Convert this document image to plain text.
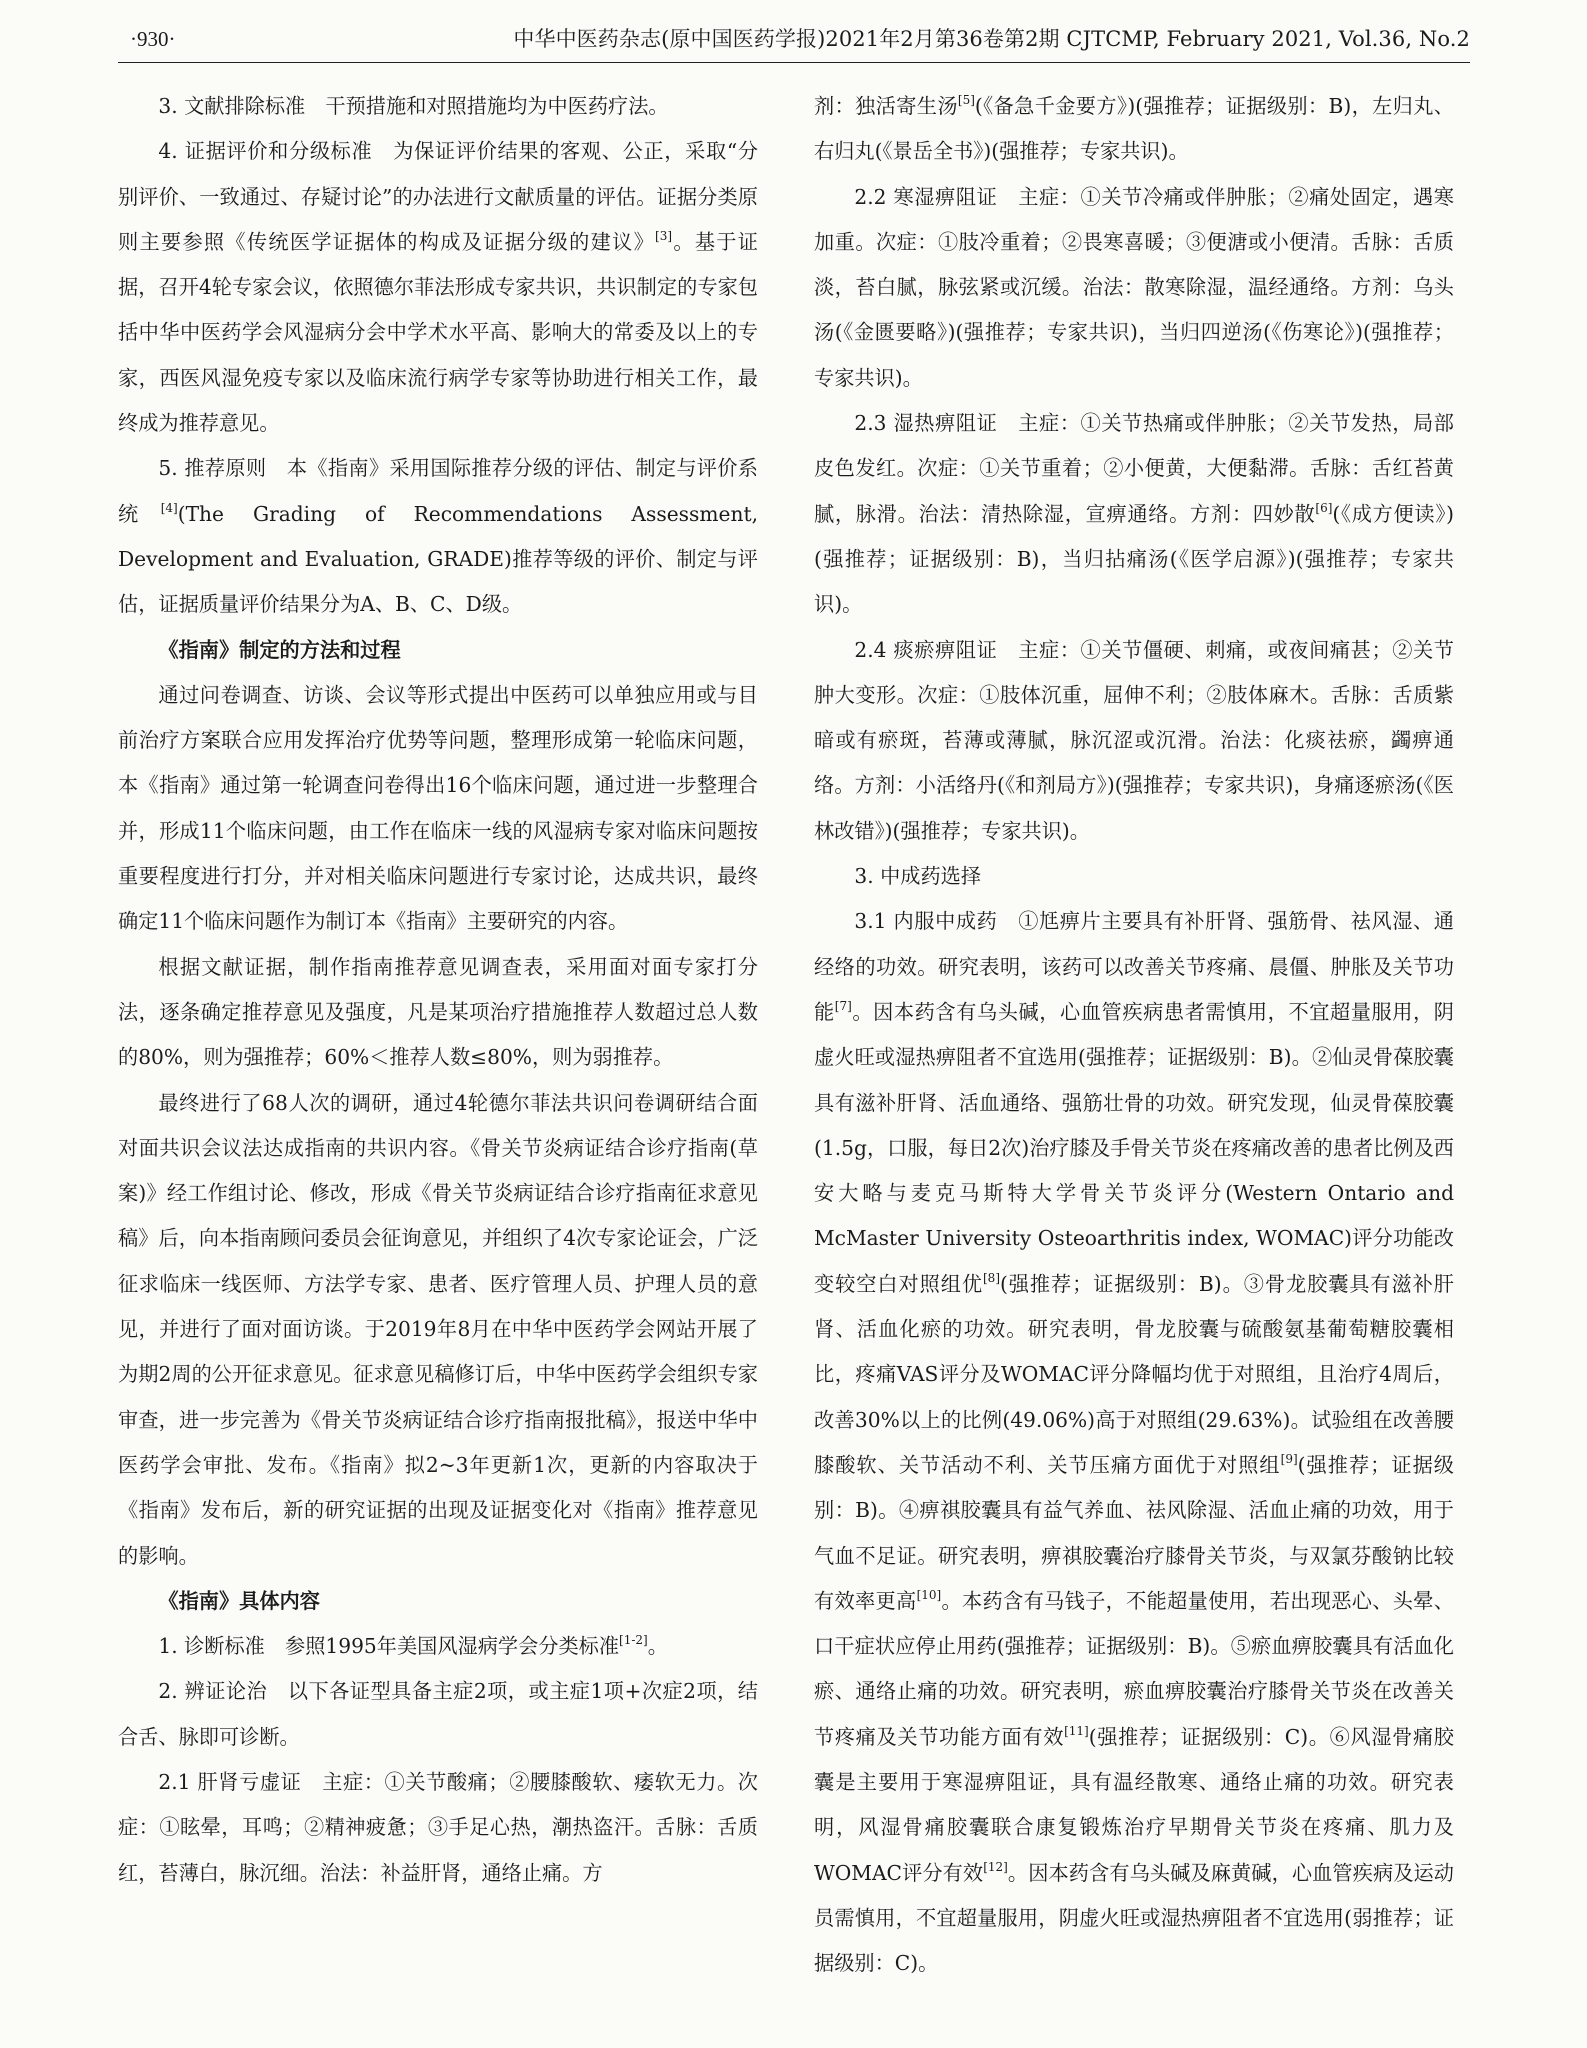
·930·	中华中医药杂志(原中国医药学报)2021年2月第36卷第2期 CJTCMP, February 2021, Vol.36, No.2

3. 文献排除标准　干预措施和对照措施均为中医药疗法。

4. 证据评价和分级标准　为保证评价结果的客观、公正，采取“分别评价、一致通过、存疑讨论”的办法进行文献质量的评估。证据分类原则主要参照《传统医学证据体的构成及证据分级的建议》[3]。基于证据，召开4轮专家会议，依照德尔菲法形成专家共识，共识制定的专家包括中华中医药学会风湿病分会中学术水平高、影响大的常委及以上的专家，西医风湿免疫专家以及临床流行病学专家等协助进行相关工作，最终成为推荐意见。

5. 推荐原则　本《指南》采用国际推荐分级的评估、制定与评价系统[4](The Grading of Recommendations Assessment, Development and Evaluation, GRADE)推荐等级的评价、制定与评估，证据质量评价结果分为A、B、C、D级。

《指南》制定的方法和过程

通过问卷调查、访谈、会议等形式提出中医药可以单独应用或与目前治疗方案联合应用发挥治疗优势等问题，整理形成第一轮临床问题，本《指南》通过第一轮调查问卷得出16个临床问题，通过进一步整理合并，形成11个临床问题，由工作在临床一线的风湿病专家对临床问题按重要程度进行打分，并对相关临床问题进行专家讨论，达成共识，最终确定11个临床问题作为制订本《指南》主要研究的内容。

根据文献证据，制作指南推荐意见调查表，采用面对面专家打分法，逐条确定推荐意见及强度，凡是某项治疗措施推荐人数超过总人数的80%，则为强推荐；60%＜推荐人数≤80%，则为弱推荐。

最终进行了68人次的调研，通过4轮德尔菲法共识问卷调研结合面对面共识会议法达成指南的共识内容。《骨关节炎病证结合诊疗指南(草案)》经工作组讨论、修改，形成《骨关节炎病证结合诊疗指南征求意见稿》后，向本指南顾问委员会征询意见，并组织了4次专家论证会，广泛征求临床一线医师、方法学专家、患者、医疗管理人员、护理人员的意见，并进行了面对面访谈。于2019年8月在中华中医药学会网站开展了为期2周的公开征求意见。征求意见稿修订后，中华中医药学会组织专家审查，进一步完善为《骨关节炎病证结合诊疗指南报批稿》，报送中华中医药学会审批、发布。《指南》拟2~3年更新1次，更新的内容取决于《指南》发布后，新的研究证据的出现及证据变化对《指南》推荐意见的影响。

《指南》具体内容

1. 诊断标准　参照1995年美国风湿病学会分类标准[1-2]。

2. 辨证论治　以下各证型具备主症2项，或主症1项+次症2项，结合舌、脉即可诊断。

2.1 肝肾亏虚证　主症：①关节酸痛；②腰膝酸软、痿软无力。次症：①眩晕，耳鸣；②精神疲惫；③手足心热，潮热盗汗。舌脉：舌质红，苔薄白，脉沉细。治法：补益肝肾，通络止痛。方

剂：独活寄生汤[5](《备急千金要方》)(强推荐；证据级别：B)，左归丸、右归丸(《景岳全书》)(强推荐；专家共识)。

2.2 寒湿痹阻证　主症：①关节冷痛或伴肿胀；②痛处固定，遇寒加重。次症：①肢冷重着；②畏寒喜暖；③便溏或小便清。舌脉：舌质淡，苔白腻，脉弦紧或沉缓。治法：散寒除湿，温经通络。方剂：乌头汤(《金匮要略》)(强推荐；专家共识)，当归四逆汤(《伤寒论》)(强推荐；专家共识)。

2.3 湿热痹阻证　主症：①关节热痛或伴肿胀；②关节发热，局部皮色发红。次症：①关节重着；②小便黄，大便黏滞。舌脉：舌红苔黄腻，脉滑。治法：清热除湿，宣痹通络。方剂：四妙散[6](《成方便读》)(强推荐；证据级别：B)，当归拈痛汤(《医学启源》)(强推荐；专家共识)。

2.4 痰瘀痹阻证　主症：①关节僵硬、刺痛，或夜间痛甚；②关节肿大变形。次症：①肢体沉重，屈伸不利；②肢体麻木。舌脉：舌质紫暗或有瘀斑，苔薄或薄腻，脉沉涩或沉滑。治法：化痰祛瘀，蠲痹通络。方剂：小活络丹(《和剂局方》)(强推荐；专家共识)，身痛逐瘀汤(《医林改错》)(强推荐；专家共识)。

3. 中成药选择

3.1 内服中成药　①尪痹片主要具有补肝肾、强筋骨、祛风湿、通经络的功效。研究表明，该药可以改善关节疼痛、晨僵、肿胀及关节功能[7]。因本药含有乌头碱，心血管疾病患者需慎用，不宜超量服用，阴虚火旺或湿热痹阻者不宜选用(强推荐；证据级别：B)。②仙灵骨葆胶囊具有滋补肝肾、活血通络、强筋壮骨的功效。研究发现，仙灵骨葆胶囊(1.5g，口服，每日2次)治疗膝及手骨关节炎在疼痛改善的患者比例及西安大略与麦克马斯特大学骨关节炎评分(Western Ontario and McMaster University Osteoarthritis index, WOMAC)评分功能改变较空白对照组优[8](强推荐；证据级别：B)。③骨龙胶囊具有滋补肝肾、活血化瘀的功效。研究表明，骨龙胶囊与硫酸氨基葡萄糖胶囊相比，疼痛VAS评分及WOMAC评分降幅均优于对照组，且治疗4周后，改善30%以上的比例(49.06%)高于对照组(29.63%)。试验组在改善腰膝酸软、关节活动不利、关节压痛方面优于对照组[9](强推荐；证据级别：B)。④痹祺胶囊具有益气养血、祛风除湿、活血止痛的功效，用于气血不足证。研究表明，痹祺胶囊治疗膝骨关节炎，与双氯芬酸钠比较有效率更高[10]。本药含有马钱子，不能超量使用，若出现恶心、头晕、口干症状应停止用药(强推荐；证据级别：B)。⑤瘀血痹胶囊具有活血化瘀、通络止痛的功效。研究表明，瘀血痹胶囊治疗膝骨关节炎在改善关节疼痛及关节功能方面有效[11](强推荐；证据级别：C)。⑥风湿骨痛胶囊是主要用于寒湿痹阻证，具有温经散寒、通络止痛的功效。研究表明，风湿骨痛胶囊联合康复锻炼治疗早期骨关节炎在疼痛、肌力及WOMAC评分有效[12]。因本药含有乌头碱及麻黄碱，心血管疾病及运动员需慎用，不宜超量服用，阴虚火旺或湿热痹阻者不宜选用(弱推荐；证据级别：C)。
